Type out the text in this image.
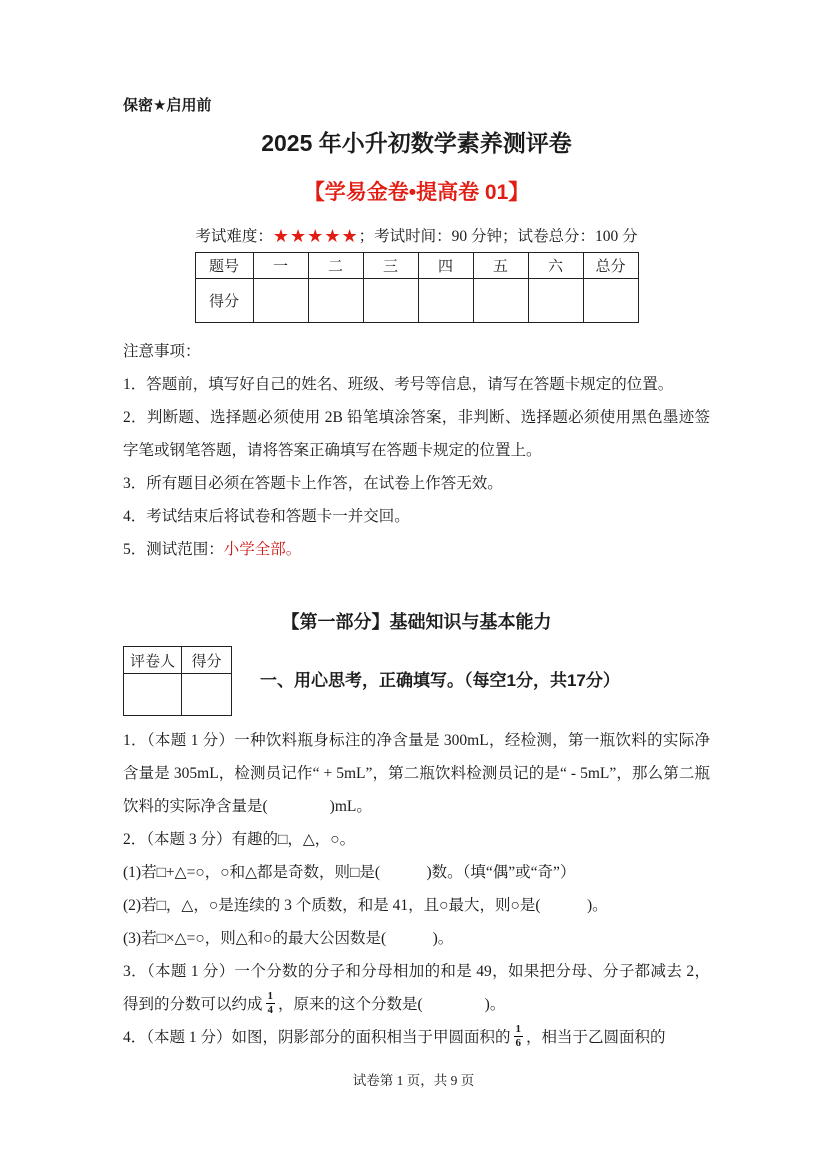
保密★启用前
2025 年小升初数学素养测评卷
【学易金卷•提高卷 01】
考试难度：★★★★★；考试时间：90 分钟；试卷总分：100 分
题号	一	二	三	四	五	六	总分
得分							
注意事项：

1．答题前，填写好自己的姓名、班级、考号等信息，请写在答题卡规定的位置。

2．判断题、选择题必须使用 2B 铅笔填涂答案，非判断、选择题必须使用黑色墨迹签字笔或钢笔答题，请将答案正确填写在答题卡规定的位置上。

3．所有题目必须在答题卡上作答，在试卷上作答无效。

4．考试结束后将试卷和答题卡一并交回。

5．测试范围：小学全部。

【第一部分】基础知识与基本能力
评卷人	得分

一、用心思考，正确填写。（每空1分，共17分）

1．（本题 1 分）一种饮料瓶身标注的净含量是 300mL，经检测，第一瓶饮料的实际净含量是 305mL，检测员记作“ + 5mL”，第二瓶饮料检测员记的是“ - 5mL”，那么第二瓶饮料的实际净含量是(　　　　)mL。

2．（本题 3 分）有趣的□，△，○。

(1)若□+△=○，○和△都是奇数，则□是(　　　)数。（填“偶”或“奇”）

(2)若□，△，○是连续的 3 个质数，和是 41，且○最大，则○是(　　　)。

(3)若□×△=○，则△和○的最大公因数是(　　　)。

3．（本题 1 分）一个分数的分子和分母相加的和是 49，如果把分母、分子都减去 2，得到的分数可以约成 $\frac{1}{4}$ ，原来的这个分数是(　　　　)。

4．（本题 1 分）如图，阴影部分的面积相当于甲圆面积的 $\frac{1}{6}$ ，相当于乙圆面积的

试卷第 1 页，共 9 页
